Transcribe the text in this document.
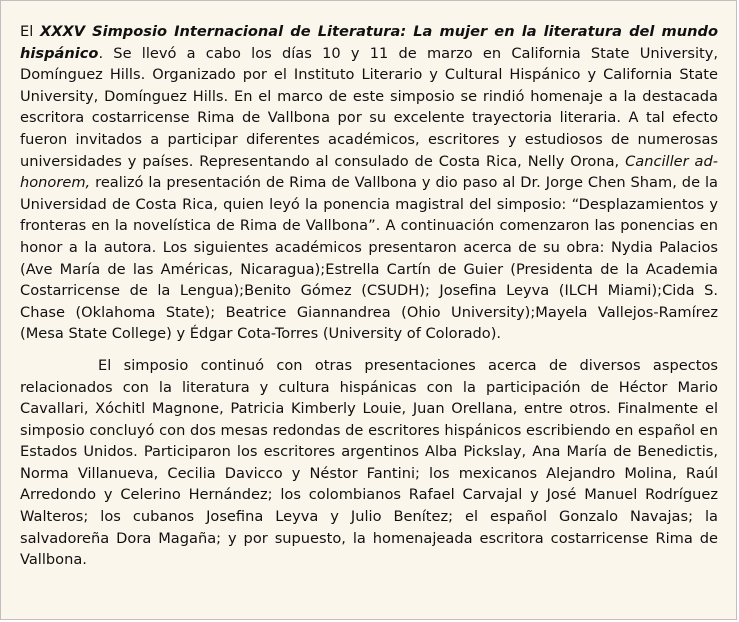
El XXXV Simposio Internacional de Literatura: La mujer en la literatura del mundo hispánico. Se llevó a cabo los días 10 y 11 de marzo en California State University, Domínguez Hills. Organizado por el Instituto Literario y Cultural Hispánico y California State University, Domínguez Hills. En el marco de este simposio se rindió homenaje a la destacada escritora costarricense Rima de Vallbona por su excelente trayectoria literaria. A tal efecto fueron invitados a participar diferentes académicos, escritores y estudiosos de numerosas universidades y países. Representando al consulado de Costa Rica, Nelly Orona, Canciller ad-honorem, realizó la presentación de Rima de Vallbona y dio paso al Dr. Jorge Chen Sham, de la Universidad de Costa Rica, quien leyó la ponencia magistral del simposio: “Desplazamientos y fronteras en la novelística de Rima de Vallbona”. A continuación comenzaron las ponencias en honor a la autora. Los siguientes académicos presentaron acerca de su obra: Nydia Palacios (Ave María de las Américas, Nicaragua);Estrella Cartín de Guier (Presidenta de la Academia Costarricense de la Lengua);Benito Gómez (CSUDH); Josefina Leyva (ILCH Miami);Cida S. Chase (Oklahoma State); Beatrice Giannandrea (Ohio University);Mayela Vallejos-Ramírez (Mesa State College) y Édgar Cota-Torres (University of Colorado).

El simposio continuó con otras presentaciones acerca de diversos aspectos relacionados con la literatura y cultura hispánicas con la participación de Héctor Mario Cavallari, Xóchitl Magnone, Patricia Kimberly Louie, Juan Orellana, entre otros. Finalmente el simposio concluyó con dos mesas redondas de escritores hispánicos escribiendo en español en Estados Unidos. Participaron los escritores argentinos Alba Pickslay, Ana María de Benedictis, Norma Villanueva, Cecilia Davicco y Néstor Fantini; los mexicanos Alejandro Molina, Raúl Arredondo y Celerino Hernández; los colombianos Rafael Carvajal y José Manuel Rodríguez Walteros; los cubanos Josefina Leyva y Julio Benítez; el español Gonzalo Navajas; la salvadoreña Dora Magaña; y por supuesto, la homenajeada escritora costarricense Rima de Vallbona.
